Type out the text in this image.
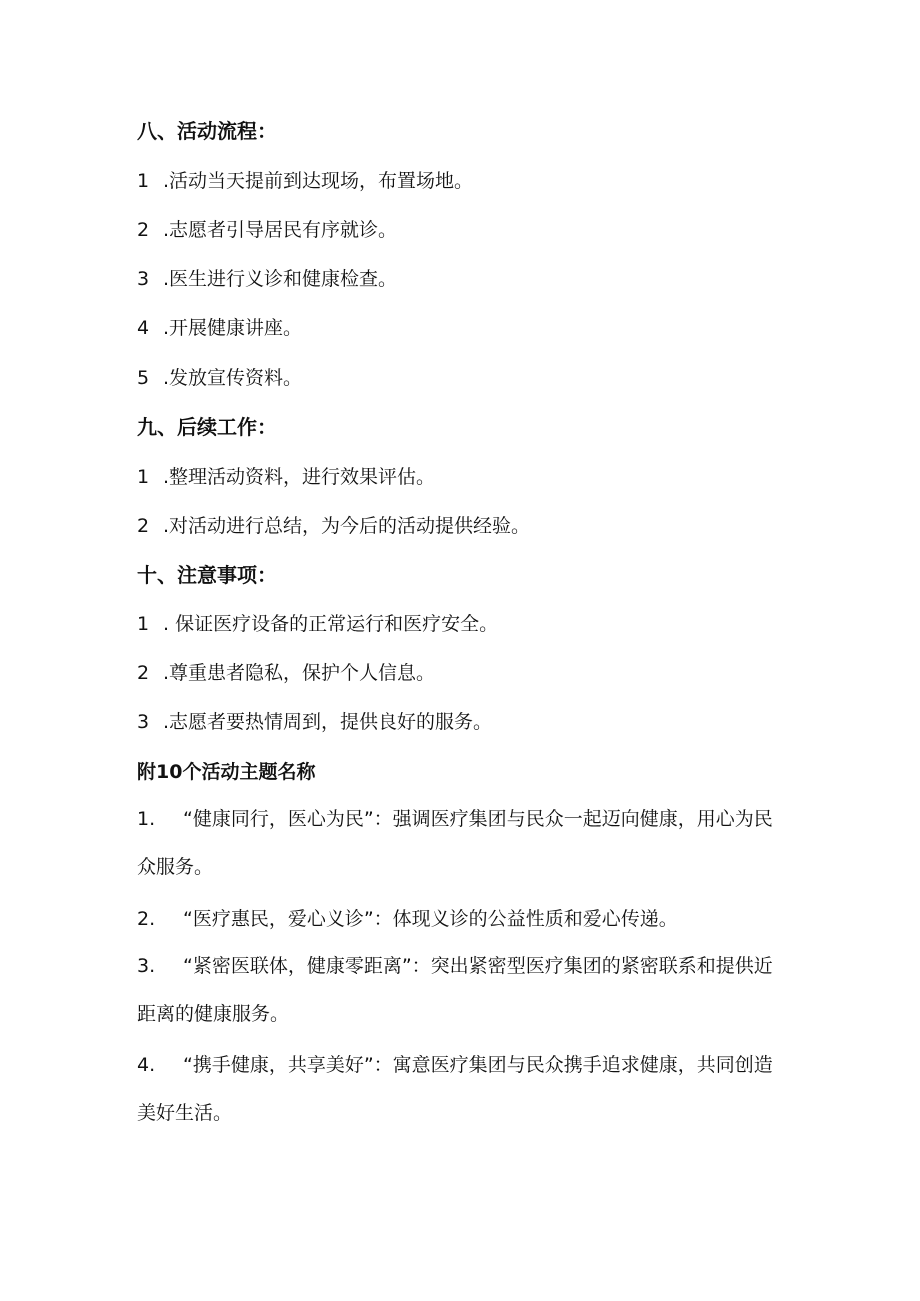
八、活动流程：
1 .活动当天提前到达现场，布置场地。
2 .志愿者引导居民有序就诊。
3 .医生进行义诊和健康检查。
4 .开展健康讲座。
5 .发放宣传资料。
九、后续工作：
1 .整理活动资料，进行效果评估。
2 .对活动进行总结，为今后的活动提供经验。
十、注意事项：
1 . 保证医疗设备的正常运行和医疗安全。
2 .尊重患者隐私，保护个人信息。
3 .志愿者要热情周到，提供良好的服务。
附10个活动主题名称
1. “健康同行，医心为民”：强调医疗集团与民众一起迈向健康，用心为民众服务。
2. “医疗惠民，爱心义诊”：体现义诊的公益性质和爱心传递。
3. “紧密医联体，健康零距离”：突出紧密型医疗集团的紧密联系和提供近距离的健康服务。
4. “携手健康，共享美好”：寓意医疗集团与民众携手追求健康，共同创造美好生活。
